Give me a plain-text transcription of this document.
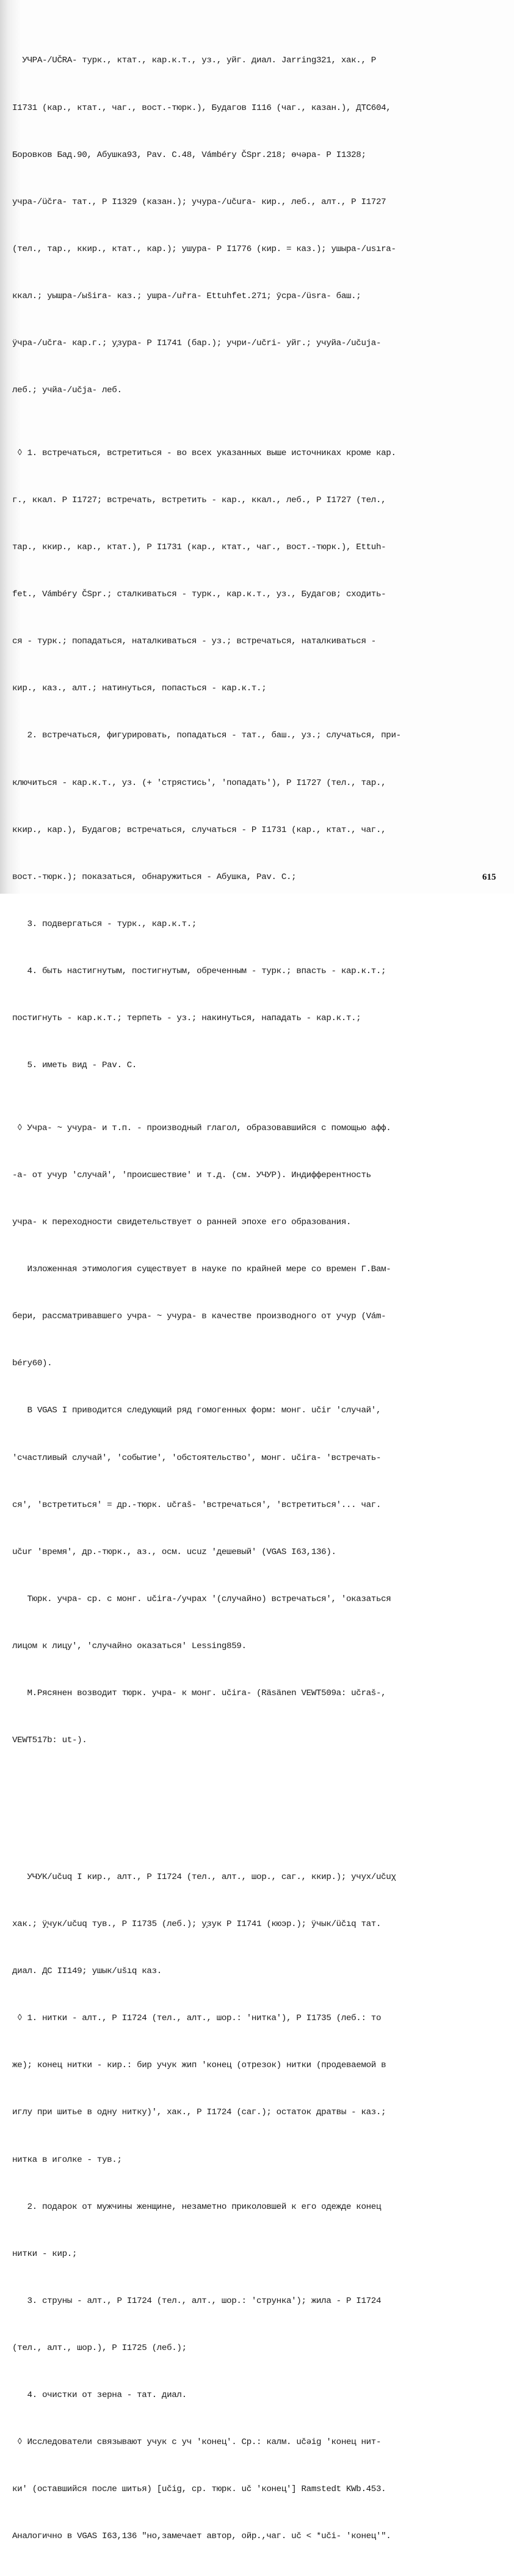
УЧРА-/UČRA- турк., ктат., кар.к.т., уз., уйг. диал. Jarring321, хак., Р

I1731 (кар., ктат., чаг., вост.-тюрк.), Будагов I116 (чаг., казан.), ДТС604,

Боровков Бад.90, Абушка93, Pav. C.48, Vámbéry ČSpr.218; өчəра- Р I1328;

учра-/üčra- тат., Р I1329 (казан.); учура-/učura- кир., леб., алт., Р I1727

(тел., тар., ккир., ктат., кар.); ушура- Р I1776 (кир. = каз.); ушыра-/usıra-

ккал.; уышра-/ыšira- каз.; ушра-/uřra- Ettuhfet.271; ӯсра-/üsra- баш.;

ӱчра-/učra- кар.г.; у̧зура- Р I1741 (бар.); учри-/učri- уйг.; учуйа-/učuja-

леб.; учйа-/učja- леб.

◊ 1. встречаться, встретиться - во всех указанных выше источниках кроме кар.

г., ккал. Р I1727; встречать, встретить - кар., ккал., леб., Р I1727 (тел.,

тар., ккир., кар., ктат.), Р I1731 (кар., ктат., чаг., вост.-тюрк.), Ettuh-

fet., Vámbéry ČSpr.; сталкиваться - турк., кар.к.т., уз., Будагов; сходить-

ся - турк.; попадаться, наталкиваться - уз.; встречаться, наталкиваться -

кир., каз., алт.; натинуться, попасться - кар.к.т.;

2. встречаться, фигурировать, попадаться - тат., баш., уз.; случаться, при-

ключиться - кар.к.т., уз. (+ 'стрястись', 'попадать'), Р I1727 (тел., тар.,

ккир., кар.), Будагов; встречаться, случаться - Р I1731 (кар., ктат., чаг.,

вост.-тюрк.); показаться, обнаружиться - Абушка, Pav. C.;

3. подвергаться - турк., кар.к.т.;

4. быть настигнутым, постигнутым, обреченным - турк.; впасть - кар.к.т.;

постигнуть - кар.к.т.; терпеть - уз.; накинуться, нападать - кар.к.т.;

5. иметь вид - Pav. C.

◊ Учра- ~ учура- и т.п. - производный глагол, образовавшийся с помощью афф.

-а- от учур 'случай', 'происшествие' и т.д. (см. УЧУР). Индифферентность

учра- к переходности свидетельствует о ранней эпохе его образования.

Изложенная этимология существует в науке по крайней мере со времен Г.Вам-

бери, рассматривавшего учра- ~ учура- в качестве производного от учур (Vám-

béry60).

В VGAS I приводится следующий ряд гомогенных форм: монг. učir 'случай',

'счастливый случай', 'событие', 'обстоятельство', монг. učira- 'встречать-

ся', 'встретиться' = др.-тюрк. učraš- 'встречаться', 'встретиться'... чаг.

učur 'время', др.-тюрк., аз., осм. ucuz 'дешевый' (VGAS I63,136).

Тюрк. учра- ср. с монг. učira-/учрах '(случайно) встречаться', 'оказаться

лицом к лицу', 'случайно оказаться' Lessing859.

М.Рясянен возводит тюрк. учра- к монг. učira- (Räsänen VEWT509a: učraš-,

VEWT517b: ut-).

УЧУК/učuq I кир., алт., Р I1724 (тел., алт., шор., саг., ккир.); учух/učuχ

хак.; ӱ̧чук/učuq тув., Р I1735 (леб.); у̧зук Р I1741 (кюэр.); ӱчык/üčıq тат.

диал. ДС II149; ушык/ušıq каз.

◊ 1. нитки - алт., Р I1724 (тел., алт., шор.: 'нитка'), Р I1735 (леб.: то

же); конец нитки - кир.: бир учук жип 'конец (отрезок) нитки (продеваемой в

иглу при шитье в одну нитку)', хак., Р I1724 (саг.); остаток дратвы - каз.;

нитка в иголке - тув.;

2. подарок от мужчины женщине, незаметно приколовшей к его одежде конец

нитки - кир.;

3. струны - алт., Р I1724 (тел., алт., шор.: 'струнка'); жила - Р I1724

(тел., алт., шор.), Р I1725 (леб.);

4. очистки от зерна - тат. диал.

◊ Исследователи связывают учук с уч 'конец'. Ср.: калм. učǝig 'конец нит-

ки' (оставшийся после шитья) [učig, ср. тюрк. uč 'конец'] Ramstedt KWb.453.

Аналогично в VGAS I63,136 "но,замечает автор, ойр.,чаг. uč < *uči- 'конец'".

615
